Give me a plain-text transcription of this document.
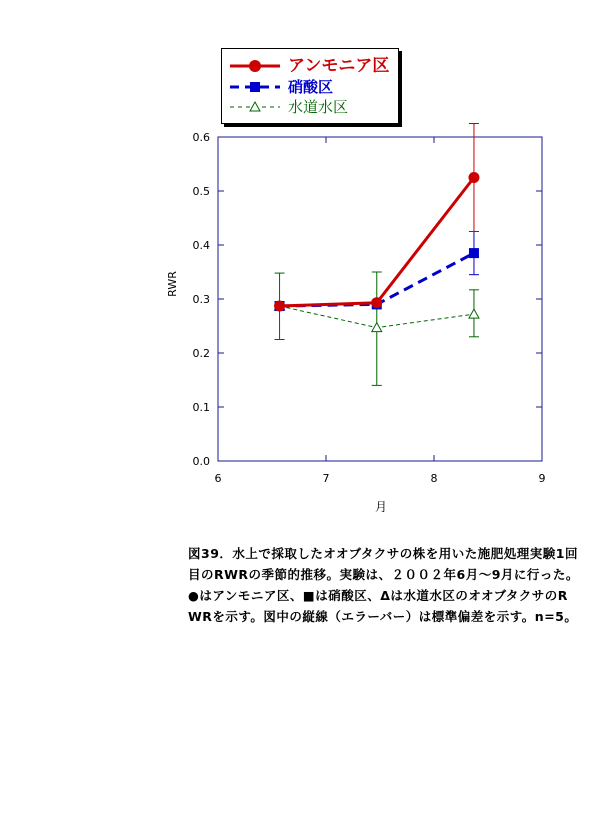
6	7	8	9
0.0
0.1
0.2
0.3
0.4
0.5
0.6
RWR
月
アンモニア区
硝酸区
水道水区
図39．水上で採取したオオブタクサの株を用いた施肥処理実験1回目のRWRの季節的推移。実験は、２００２年6月〜9月に行った。●はアンモニア区、■は硝酸区、Δは水道水区のオオブタクサのRWRを示す。図中の縦線（エラーバー）は標準偏差を示す。n=5。
